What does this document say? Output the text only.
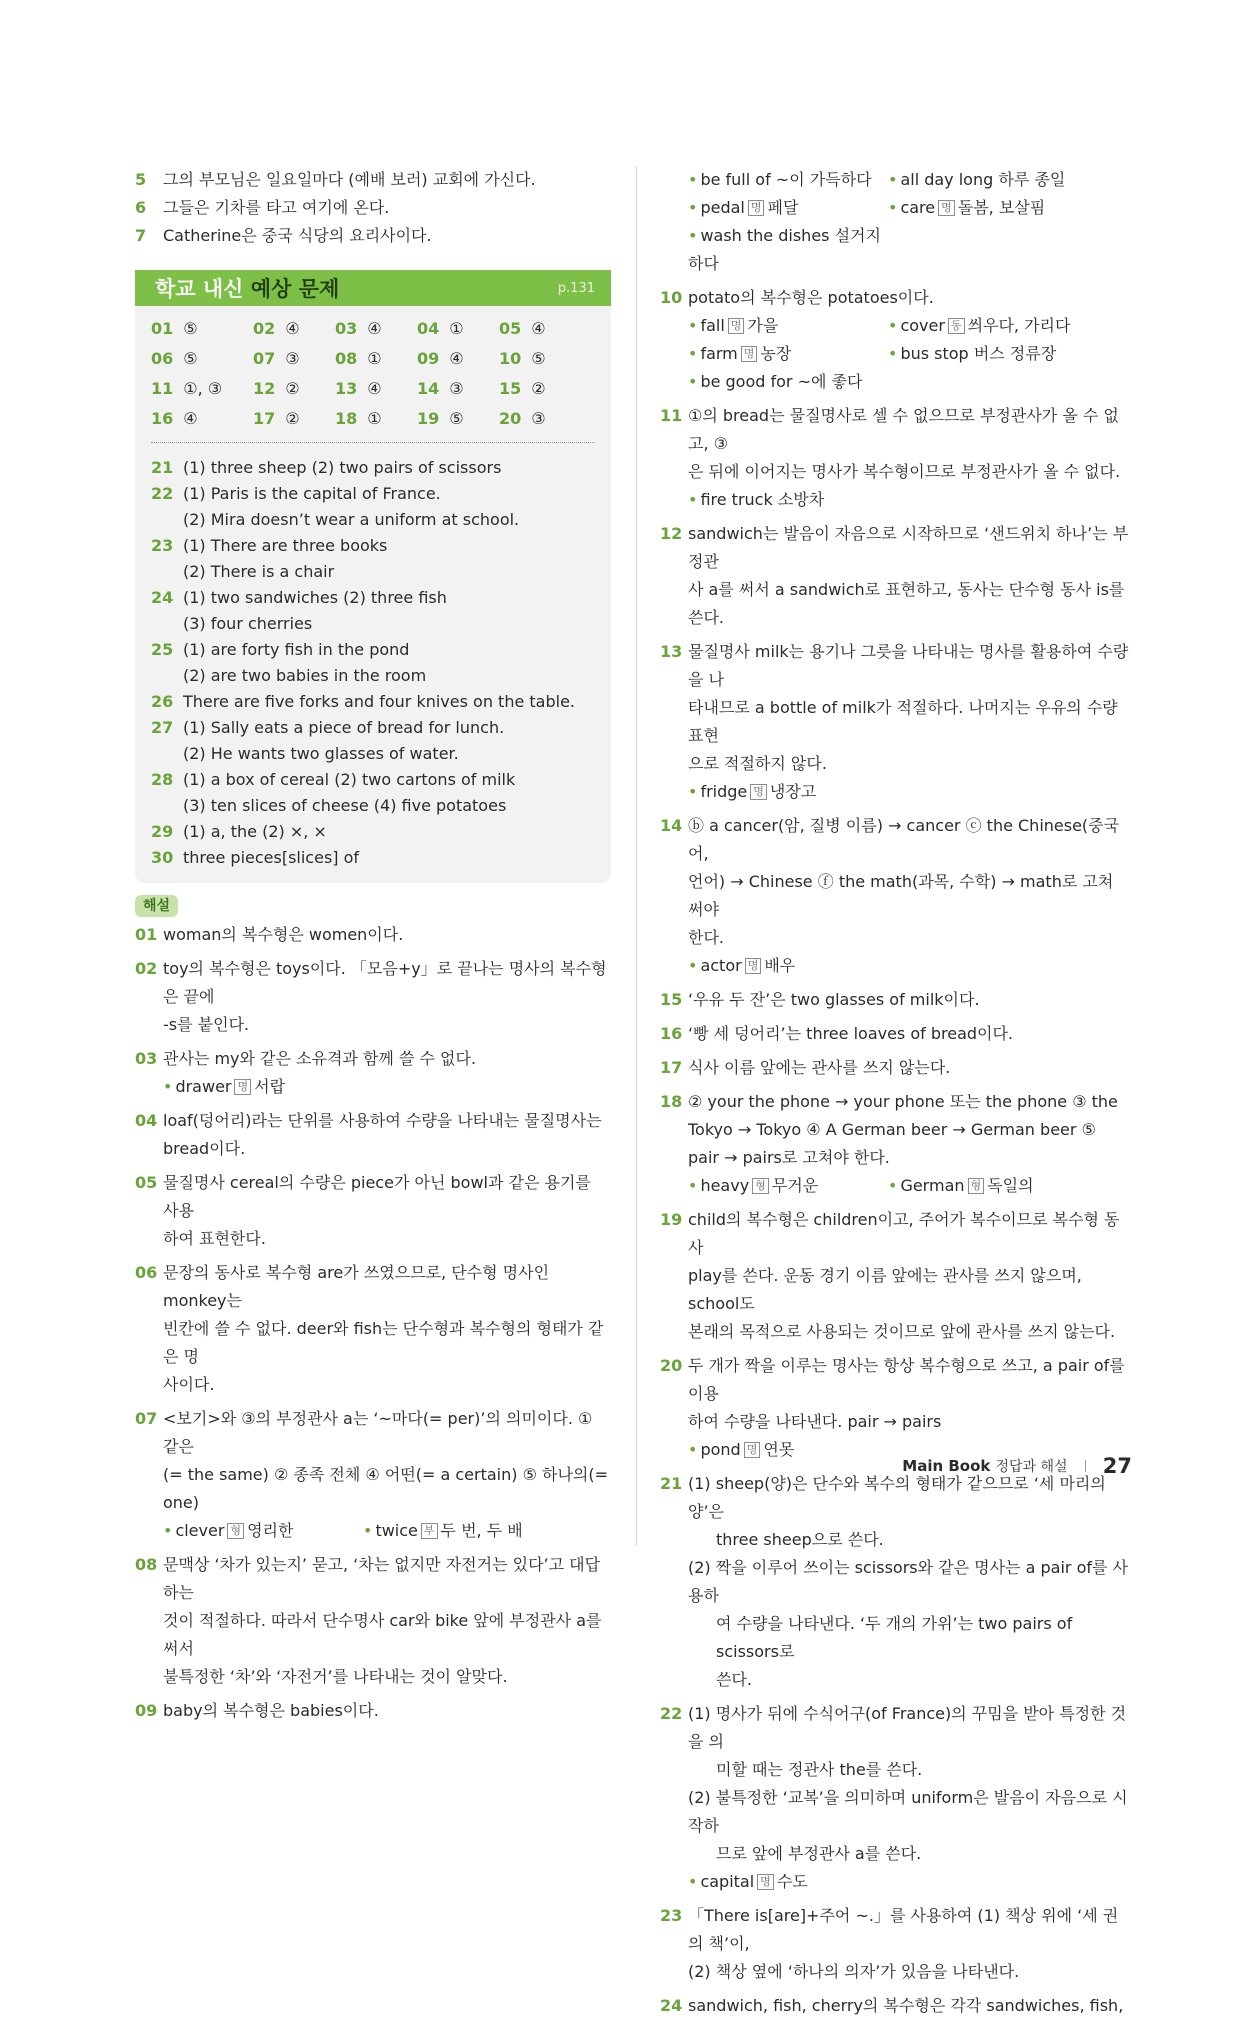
5 그의 부모님은 일요일마다 (예배 보러) 교회에 가신다.
6 그들은 기차를 타고 여기에 온다.
7 Catherine은 중국 식당의 요리사이다.
학교 내신 예상 문제	p.131
01 ⑤	02 ④	03 ④	04 ①	05 ④
06 ⑤	07 ③	08 ①	09 ④	10 ⑤
11 ①, ③	12 ②	13 ④	14 ③	15 ②
16 ④	17 ②	18 ①	19 ⑤	20 ③
21 (1) three sheep (2) two pairs of scissors
22 (1) Paris is the capital of France.
(2) Mira doesn’t wear a uniform at school.
23 (1) There are three books
(2) There is a chair
24 (1) two sandwiches (2) three fish
(3) four cherries
25 (1) are forty fish in the pond
(2) are two babies in the room
26 There are five forks and four knives on the table.
27 (1) Sally eats a piece of bread for lunch.
(2) He wants two glasses of water.
28 (1) a box of cereal (2) two cartons of milk
(3) ten slices of cheese (4) five potatoes
29 (1) a, the (2) ×, ×
30 three pieces[slices] of
해설
01 woman의 복수형은 women이다.
02 toy의 복수형은 toys이다. 「모음+y」로 끝나는 명사의 복수형은 끝에
-s를 붙인다.
03 관사는 my와 같은 소유격과 함께 쓸 수 없다.
• drawer 명 서랍
04 loaf(덩어리)라는 단위를 사용하여 수량을 나타내는 물질명사는
bread이다.
05 물질명사 cereal의 수량은 piece가 아닌 bowl과 같은 용기를 사용
하여 표현한다.
06 문장의 동사로 복수형 are가 쓰였으므로, 단수형 명사인 monkey는
빈칸에 쓸 수 없다. deer와 fish는 단수형과 복수형의 형태가 같은 명
사이다.
07 <보기>와 ③의 부정관사 a는 ‘~마다(= per)’의 의미이다. ① 같은
(= the same) ② 종족 전체 ④ 어떤(= a certain) ⑤ 하나의(= one)
• clever 형 영리한	• twice 부 두 번, 두 배
08 문맥상 ‘차가 있는지’ 묻고, ‘차는 없지만 자전거는 있다’고 대답하는
것이 적절하다. 따라서 단수명사 car와 bike 앞에 부정관사 a를 써서
불특정한 ‘차’와 ‘자전거’를 나타내는 것이 알맞다.
09 baby의 복수형은 babies이다.
• be full of ~이 가득하다	• all day long 하루 종일
• pedal 명 페달	• care 명 돌봄, 보살핌
• wash the dishes 설거지하다
10 potato의 복수형은 potatoes이다.
• fall 명 가을	• cover 동 씌우다, 가리다
• farm 명 농장	• bus stop 버스 정류장
• be good for ~에 좋다
11 ①의 bread는 물질명사로 셀 수 없으므로 부정관사가 올 수 없고, ③
은 뒤에 이어지는 명사가 복수형이므로 부정관사가 올 수 없다.
• fire truck 소방차
12 sandwich는 발음이 자음으로 시작하므로 ‘샌드위치 하나’는 부정관
사 a를 써서 a sandwich로 표현하고, 동사는 단수형 동사 is를 쓴다.
13 물질명사 milk는 용기나 그릇을 나타내는 명사를 활용하여 수량을 나
타내므로 a bottle of milk가 적절하다. 나머지는 우유의 수량 표현
으로 적절하지 않다.
• fridge 명 냉장고
14 ⓑ a cancer(암, 질병 이름) → cancer ⓒ the Chinese(중국어,
언어) → Chinese ⓕ the math(과목, 수학) → math로 고쳐 써야
한다.
• actor 명 배우
15 ‘우유 두 잔’은 two glasses of milk이다.
16 ‘빵 세 덩어리’는 three loaves of bread이다.
17 식사 이름 앞에는 관사를 쓰지 않는다.
18 ② your the phone → your phone 또는 the phone ③ the
Tokyo → Tokyo ④ A German beer → German beer ⑤
pair → pairs로 고쳐야 한다.
• heavy 형 무거운	• German 형 독일의
19 child의 복수형은 children이고, 주어가 복수이므로 복수형 동사
play를 쓴다. 운동 경기 이름 앞에는 관사를 쓰지 않으며, school도
본래의 목적으로 사용되는 것이므로 앞에 관사를 쓰지 않는다.
20 두 개가 짝을 이루는 명사는 항상 복수형으로 쓰고, a pair of를 이용
하여 수량을 나타낸다. pair → pairs
• pond 명 연못
21 (1) sheep(양)은 단수와 복수의 형태가 같으므로 ‘세 마리의 양’은
three sheep으로 쓴다.
(2) 짝을 이루어 쓰이는 scissors와 같은 명사는 a pair of를 사용하
여 수량을 나타낸다. ‘두 개의 가위’는 two pairs of scissors로
쓴다.
22 (1) 명사가 뒤에 수식어구(of France)의 꾸밈을 받아 특정한 것을 의
미할 때는 정관사 the를 쓴다.
(2) 불특정한 ‘교복’을 의미하며 uniform은 발음이 자음으로 시작하
므로 앞에 부정관사 a를 쓴다.
• capital 명 수도
23 「There is[are]+주어 ~.」를 사용하여 (1) 책상 위에 ‘세 권의 책’이,
(2) 책상 옆에 ‘하나의 의자’가 있음을 나타낸다.
24 sandwich, fish, cherry의 복수형은 각각 sandwiches, fish,
Main Book 정답과 해설 27
